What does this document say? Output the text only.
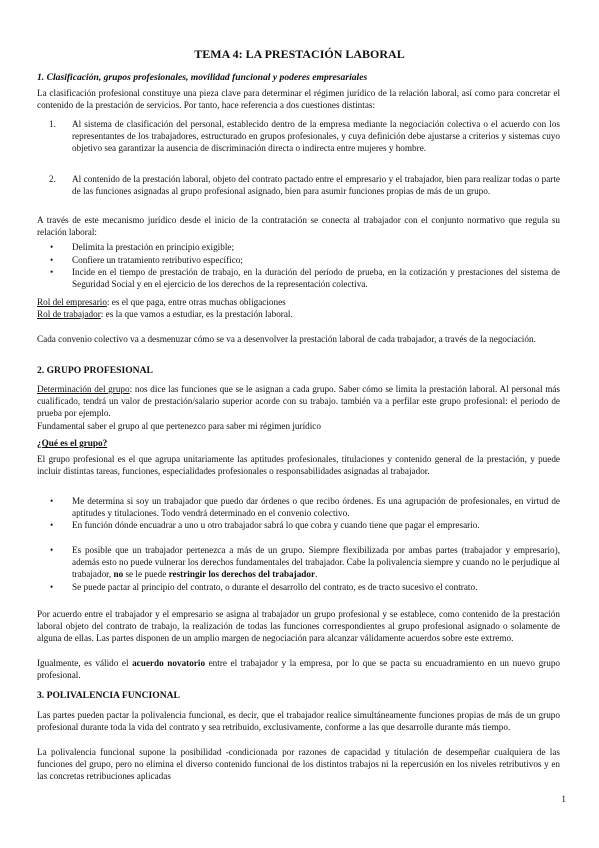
TEMA 4: LA PRESTACIÓN LABORAL
1. Clasificación, grupos profesionales, movilidad funcional y poderes empresariales

La clasificación profesional constituye una pieza clave para determinar el régimen jurídico de la relación laboral, así como para concretar el contenido de la prestación de servicios. Por tanto, hace referencia a dos cuestiones distintas:

1.	Al sistema de clasificación del personal, establecido dentro de la empresa mediante la negociación colectiva o el acuerdo con los representantes de los trabajadores, estructurado en grupos profesionales, y cuya definición debe ajustarse a criterios y sistemas cuyo objetivo sea garantizar la ausencia de discriminación directa o indirecta entre mujeres y hombre.

2.	Al contenido de la prestación laboral, objeto del contrato pactado entre el empresario y el trabajador, bien para realizar todas o parte de las funciones asignadas al grupo profesional asignado, bien para asumir funciones propias de más de un grupo.

A través de este mecanismo jurídico desde el inicio de la contratación se conecta al trabajador con el conjunto normativo que regula su relación laboral:

•	Delimita la prestación en principio exigible;

•	Confiere un tratamiento retributivo específico;

•	Incide en el tiempo de prestación de trabajo, en la duración del período de prueba, en la cotización y prestaciones del sistema de Seguridad Social y en el ejercicio de los derechos de la representación colectiva.

Rol del empresario: es el que paga, entre otras muchas obligaciones

Rol de trabajador: es la que vamos a estudiar, es la prestación laboral.

Cada convenio colectivo va a desmenuzar cómo se va a desenvolver la prestación laboral de cada trabajador, a través de la negociación.

2. GRUPO PROFESIONAL

Determinación del grupo: nos dice las funciones que se le asignan a cada grupo. Saber cómo se limita la prestación laboral. Al personal más cualificado, tendrá un valor de prestación/salario superior acorde con su trabajo. también va a perfilar este grupo profesional: el periodo de prueba por ejemplo.

Fundamental saber el grupo al que pertenezco para saber mi régimen jurídico

¿Qué es el grupo?

El grupo profesional es el que agrupa unitariamente las aptitudes profesionales, titulaciones y contenido general de la prestación, y puede incluir distintas tareas, funciones, especialidades profesionales o responsabilidades asignadas al trabajador.

•	Me determina si soy un trabajador que puedo dar órdenes o que recibo órdenes. Es una agrupación de profesionales, en virtud de aptitudes y titulaciones. Todo vendrá determinado en el convenio colectivo.

•	En función dónde encuadrar a uno u otro trabajador sabrá lo que cobra y cuando tiene que pagar el empresario.

•	Es posible que un trabajador pertenezca a más de un grupo. Siempre flexibilizada por ambas partes (trabajador y empresario), además esto no puede vulnerar los derechos fundamentales del trabajador. Cabe la polivalencia siempre y cuando no le perjudique al trabajador, no se le puede restringir los derechos del trabajador.

•	Se puede pactar al principio del contrato, o durante el desarrollo del contrato, es de tracto sucesivo el contrato.

Por acuerdo entre el trabajador y el empresario se asigna al trabajador un grupo profesional y se establece, como contenido de la prestación laboral objeto del contrato de trabajo, la realización de todas las funciones correspondientes al grupo profesional asignado o solamente de alguna de ellas. Las partes disponen de un amplio margen de negociación para alcanzar válidamente acuerdos sobre este extremo.

Igualmente, es válido el acuerdo novatorio entre el trabajador y la empresa, por lo que se pacta su encuadramiento en un nuevo grupo profesional.

3. POLIVALENCIA FUNCIONAL

Las partes pueden pactar la polivalencia funcional, es decir, que el trabajador realice simultáneamente funciones propias de más de un grupo profesional durante toda la vida del contrato y sea retribuido, exclusivamente, conforme a las que desarrolle durante más tiempo.

La polivalencia funcional supone la posibilidad -condicionada por razones de capacidad y titulación de desempeñar cualquiera de las funciones del grupo, pero no elimina el diverso contenido funcional de los distintos trabajos ni la repercusión en los niveles retributivos y en las concretas retribuciones aplicadas

1
